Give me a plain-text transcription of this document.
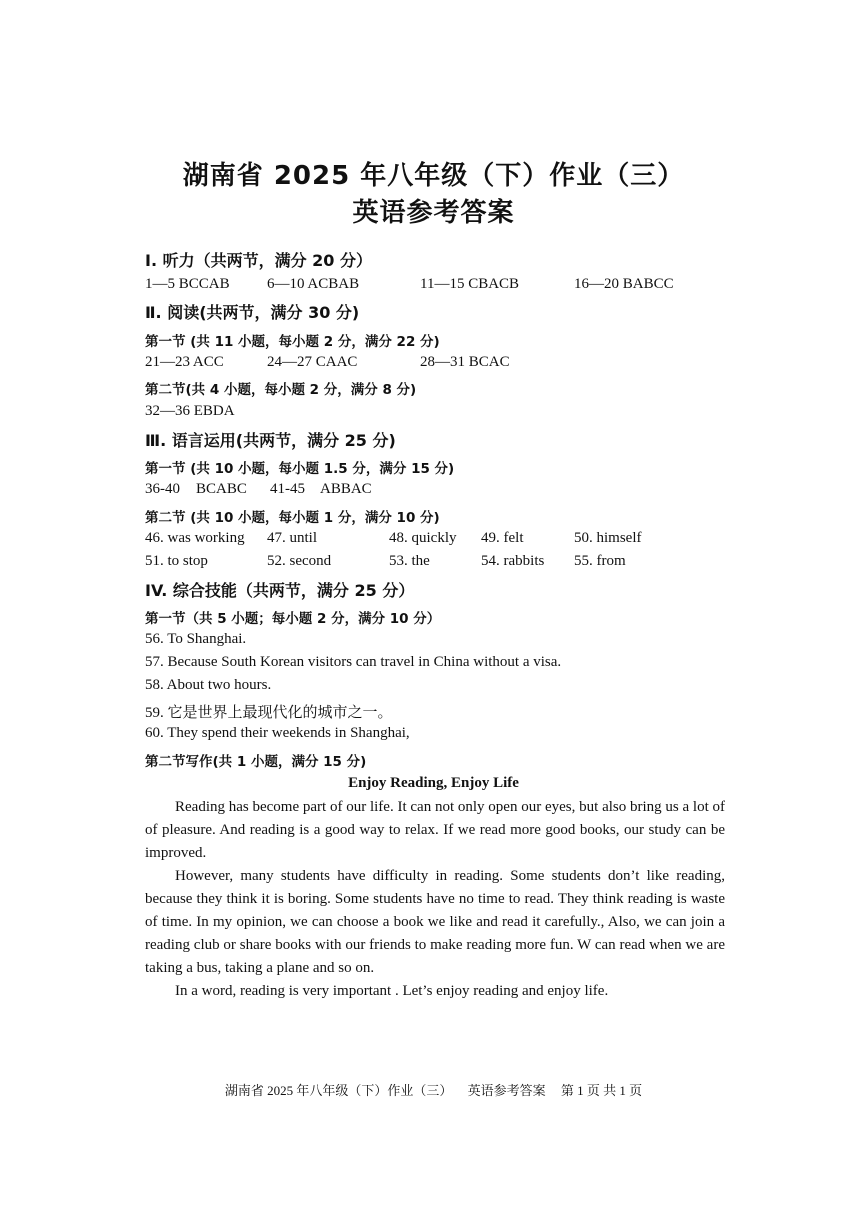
湖南省 2025 年八年级（下）作业（三）
英语参考答案
I. 听力（共两节，满分 20 分）
1—5 BCCAB 6—10 ACBAB	11—15 CBACB	16—20 BABCC
Ⅱ. 阅读(共两节，满分 30 分)
第一节 (共 11 小题，每小题 2 分，满分 22 分)
21—23 ACC	24—27 CAAC	28—31 BCAC
第二节(共 4 小题，每小题 2 分，满分 8 分)
32—36 EBDA
Ⅲ. 语言运用(共两节，满分 25 分)
第一节 (共 10 小题，每小题 1.5 分，满分 15 分)
36-40 BCABC 41-45 ABBAC
第二节 (共 10 小题，每小题 1 分，满分 10 分)
46. was working 47. until	48. quickly 49. felt	50. himself
51. to stop	52. second	53. the	54. rabbits 55. from
IV. 综合技能（共两节，满分 25 分）
第一节（共 5 小题；每小题 2 分，满分 10 分）
56. To Shanghai.
57. Because South Korean visitors can travel in China without a visa.
58. About two hours.
59. 它是世界上最现代化的城市之一。
60. They spend their weekends in Shanghai,
第二节写作(共 1 小题，满分 15 分)
Enjoy Reading, Enjoy Life

Reading has become part of our life. It can not only open our eyes, but also bring us a lot of of pleasure. And reading is a good way to relax. If we read more good books, our study can be improved.

However, many students have difficulty in reading. Some students don’t like reading, because they think it is boring. Some students have no time to read. They think reading is waste of time. In my opinion, we can choose a book we like and read it carefully., Also, we can join a reading club or share books with our friends to make reading more fun. W can read when we are taking a bus, taking a plane and so on.

In a word, reading is very important . Let’s enjoy reading and enjoy life.

湖南省 2025 年八年级（下）作业（三） 英语参考答案 第 1 页 共 1 页
